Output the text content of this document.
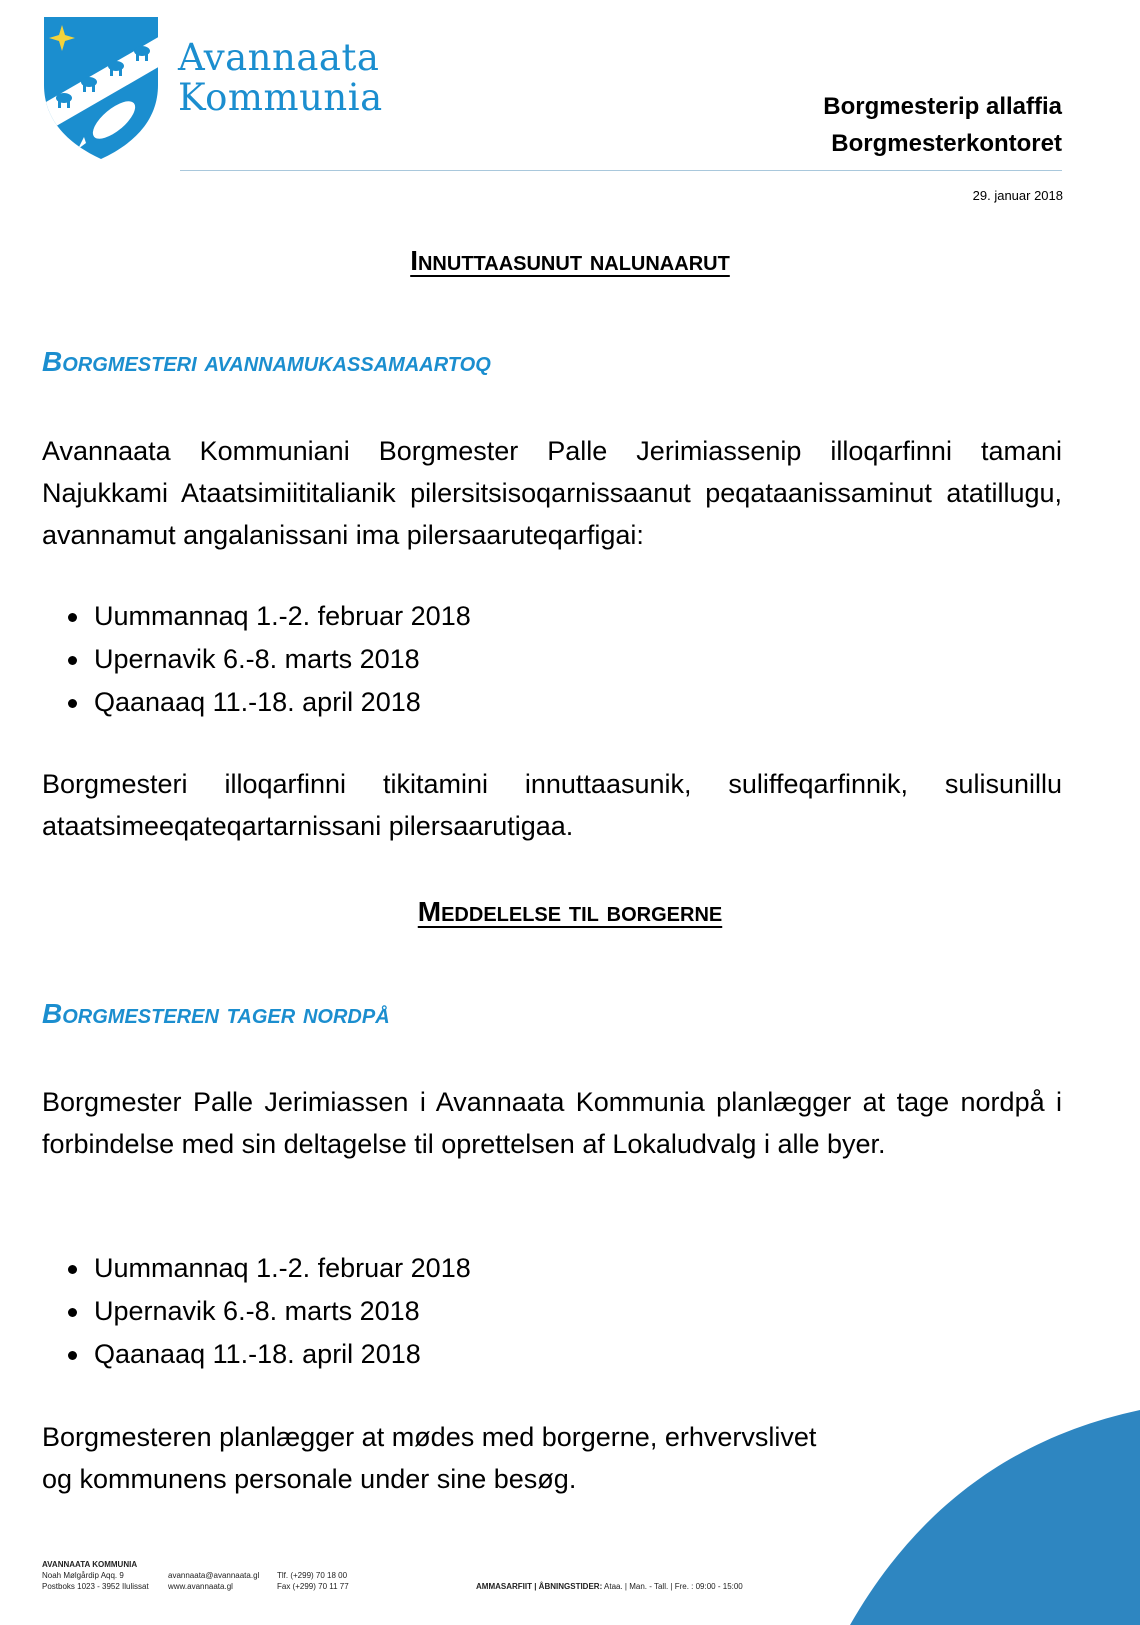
Avannaata
Kommunia	Borgmesterip allaffia
Borgmesterkontoret
29. januar 2018
Innuttaasunut nalunaarut
Borgmesteri avannamukassamaartoq
Avannaata Kommuniani Borgmester Palle Jerimiassenip illoqarfinni tamani Najukkami Ataatsimiititalianik pilersitsisoqarnissaanut peqataanissaminut atatillugu, avannamut angalanissani ima pilersaaruteqarfigai:
Uummannaq 1.-2. februar 2018
Upernavik 6.-8. marts 2018
Qaanaaq 11.-18. april 2018
Borgmesteri illoqarfinni tikitamini innuttaasunik, suliffeqarfinnik, sulisunillu ataatsimeeqateqartarnissani pilersaarutigaa.
Meddelelse til borgerne
Borgmesteren tager nordpå
Borgmester Palle Jerimiassen i Avannaata Kommunia planlægger at tage nordpå i forbindelse med sin deltagelse til oprettelsen af Lokaludvalg i alle byer.
Uummannaq 1.-2. februar 2018
Upernavik 6.-8. marts 2018
Qaanaaq 11.-18. april 2018
Borgmesteren planlægger at mødes med borgerne, erhvervslivet
og kommunens personale under sine besøg.
AVANNAATA KOMMUNIA
Noah Mølgårdip Aqq. 9
Postboks 1023 - 3952 Ilulissat
avannaata@avannaata.gl
www.avannaata.gl
Tlf. (+299) 70 18 00
Fax (+299) 70 11 77	AMMASARFIIT | ÅBNINGSTIDER: Ataa. | Man. - Tall. | Fre. : 09:00 - 15:00
